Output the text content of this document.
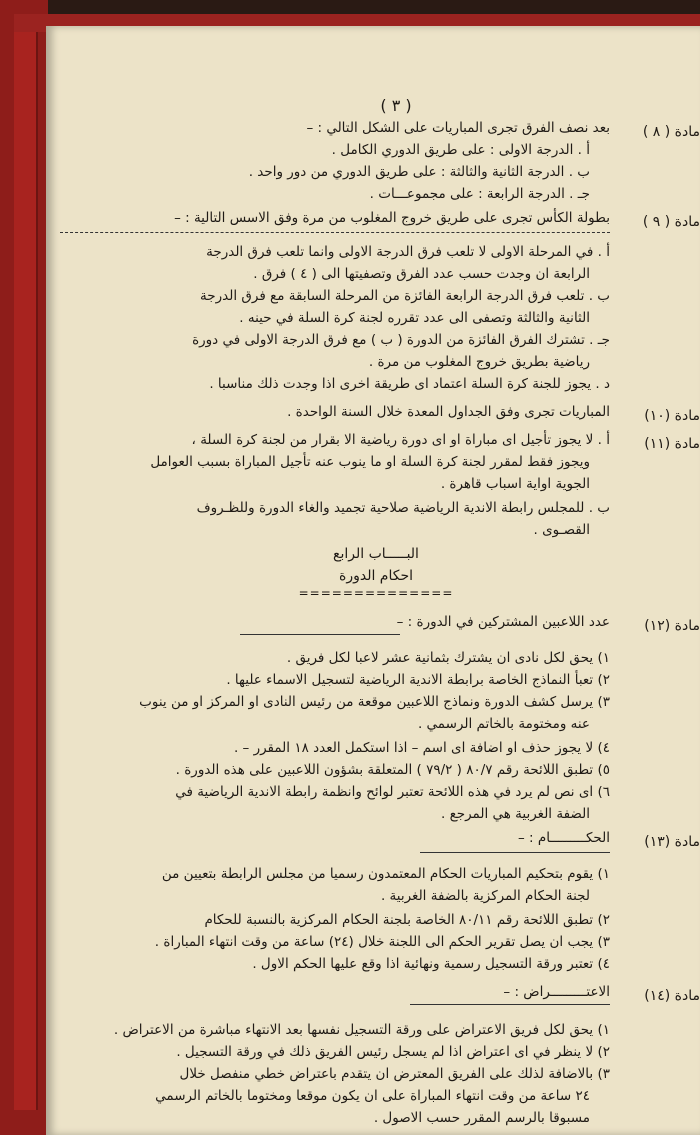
( ٣ )
مادة ( ٨ )
بعد نصف الفرق تجرى المباريات على الشكل التالي : –
أ . الدرجة الاولى : على طريق الدوري الكامل .
ب . الدرجة الثانية والثالثة : على طريق الدوري من دور واحد .
جـ . الدرجة الرابعة : على مجموعـــات .
مادة ( ٩ )
بطولة الكأس تجرى على طريق خروج المغلوب من مرة وفق الاسس التالية : –
أ . في المرحلة الاولى لا تلعب فرق الدرجة الاولى وانما تلعب فرق الدرجة
الرابعة ان وجدت حسب عدد الفرق وتصفيتها الى ( ٤ ) فرق .
ب . تلعب فرق الدرجة الرابعة الفائزة من المرحلة السابقة مع فرق الدرجة
الثانية والثالثة وتصفى الى عدد تقرره لجنة كرة السلة في حينه .
جـ . تشترك الفرق الفائزة من الدورة ( ب ) مع فرق الدرجة الاولى في دورة
رياضية بطريق خروج المغلوب من مرة .
د . يجوز للجنة كرة السلة اعتماد اى طريقة اخرى اذا وجدت ذلك مناسبا .
مادة (١٠)
المباريات تجرى وفق الجداول المعدة خلال السنة الواحدة .
مادة (١١)
أ . لا يجوز تأجيل اى مباراة او اى دورة رياضية الا بقرار من لجنة كرة السلة ،
ويجوز فقط لمقرر لجنة كرة السلة او ما ينوب عنه تأجيل المباراة بسبب العوامل
الجوية اواية اسباب قاهرة .
ب . للمجلس رابطة الاندية الرياضية صلاحية تجميد والغاء الدورة وللظـروف
القصـوى .
البـــــاب الرابع
احكام الدورة
==============
مادة (١٢)
عدد اللاعبين المشتركين في الدورة : –
١) يحق لكل نادى ان يشترك بثمانية عشر لاعبا لكل فريق .
٢) تعبأ النماذج الخاصة برابطة الاندية الرياضية لتسجيل الاسماء عليها .
٣) يرسل كشف الدورة ونماذج اللاعبين موقعة من رئيس النادى او المركز او من ينوب
عنه ومختومة بالخاتم الرسمي .
٤) لا يجوز حذف او اضافة اى اسم – اذا استكمل العدد ١٨ المقرر – .
٥) تطبق اللائحة رقم ٨٠/٧ ( ٧٩/٢ ) المتعلقة بشؤون اللاعبين على هذه الدورة .
٦) اى نص لم يرد في هذه اللائحة تعتبر لوائح وانظمة رابطة الاندية الرياضية في
الضفة الغربية هي المرجع .
مادة (١٣)
الحكـــــــــام : –
١) يقوم بتحكيم المباريات الحكام المعتمدون رسميا من مجلس الرابطة بتعيين من
لجنة الحكام المركزية بالضفة الغربية .
٢) تطبق اللائحة رقم ٨٠/١١ الخاصة بلجنة الحكام المركزية بالنسبة للحكام
٣) يجب ان يصل تقرير الحكم الى اللجنة خلال (٢٤) ساعة من وقت انتهاء المباراة .
٤) تعتبر ورقة التسجيل رسمية ونهائية اذا وقع عليها الحكم الاول .
مادة (١٤)
الاعتـــــــــراض : –
١) يحق لكل فريق الاعتراض على ورقة التسجيل نفسها بعد الانتهاء مباشرة من الاعتراض .
٢) لا ينظر في اى اعتراض اذا لم يسجل رئيس الفريق ذلك في ورقة التسجيل .
٣) بالاضافة لذلك على الفريق المعترض ان يتقدم باعتراض خطي منفصل خلال
٢٤ ساعة من وقت انتهاء المباراة على ان يكون موقعا ومختوما بالخاتم الرسمي
مسبوقا بالرسم المقرر حسب الاصول .
